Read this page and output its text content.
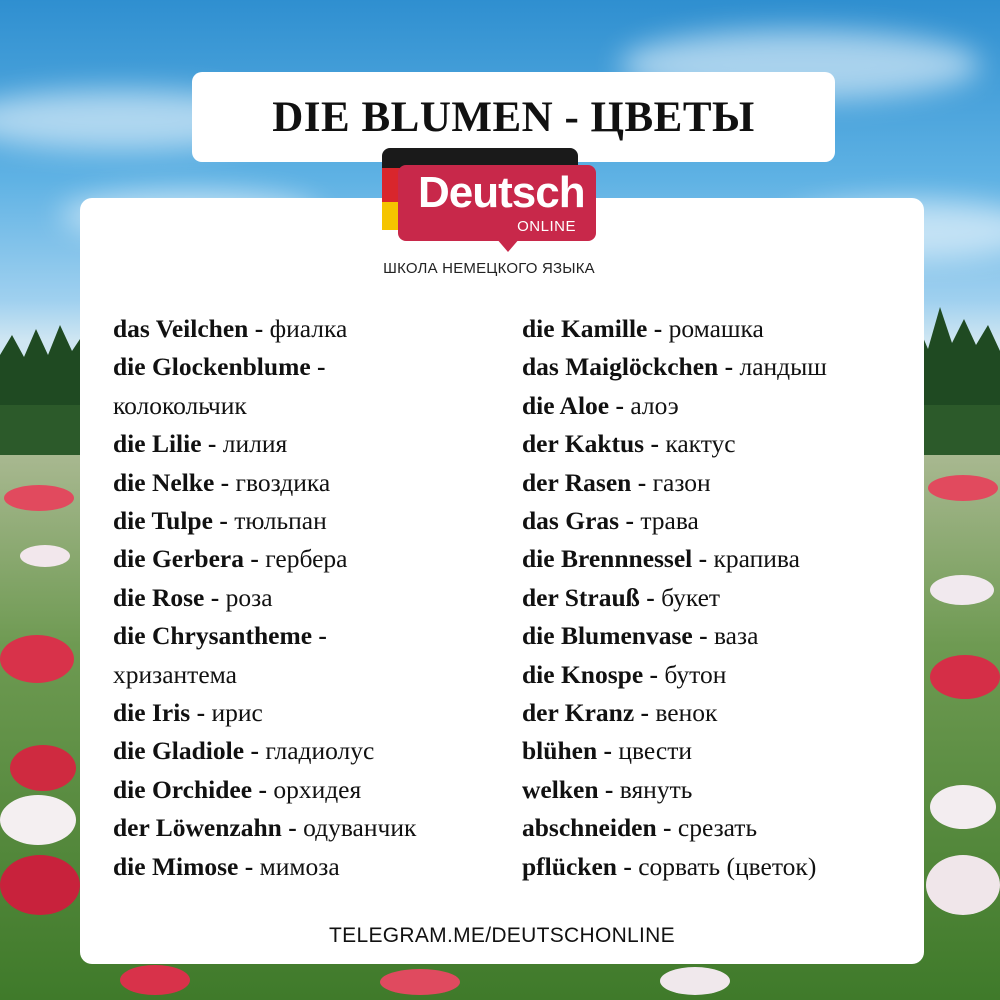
DIE BLUMEN - ЦВЕТЫ
Deutsch
ONLINE
ШКОЛА НЕМЕЦКОГО ЯЗЫКА
das Veilchen - фиалка
die Glockenblume -
колокольчик
die Lilie - лилия
die Nelke - гвоздика
die Tulpe - тюльпан
die Gerbera - гербера
die Rose - роза
die Chrysantheme -
хризантема
die Iris - ирис
die Gladiole - гладиолус
die Orchidee - орхидея
der Löwenzahn - одуванчик
die Mimose - мимоза
die Kamille - ромашка
das Maiglöckchen - ландыш
die Aloe - алоэ
der Kaktus - кактус
der Rasen - газон
das Gras - трава
die Brennnessel - крапива
der Strauß - букет
die Blumenvase - ваза
die Knospe - бутон
der Kranz - венок
blühen - цвести
welken - вянуть
abschneiden - срезать
pflücken - сорвать (цветок)
TELEGRAM.ME/DEUTSCHONLINE
